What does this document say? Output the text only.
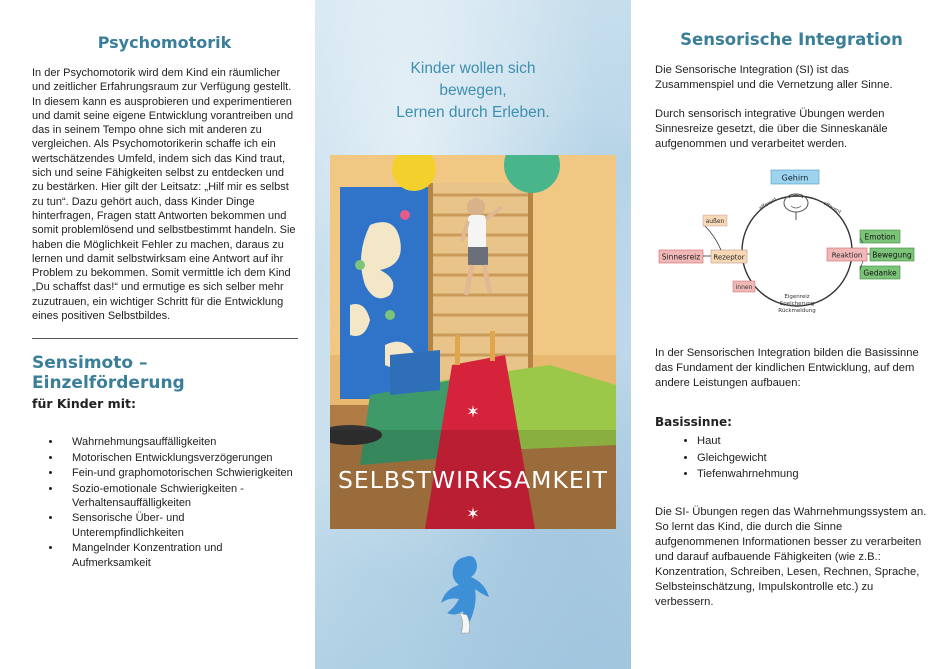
Psychomotorik

In der Psychomotorik wird dem Kind ein räumlicher und zeitlicher Erfahrungsraum zur Verfügung gestellt. In diesem kann es ausprobieren und experimentieren und damit seine eigene Entwicklung vorantreiben und das in seinem Tempo ohne sich mit anderen zu vergleichen. Als Psychomotorikerin schaffe ich ein wertschätzendes Umfeld, indem sich das Kind traut, sich und seine Fähigkeiten selbst zu entdecken und zu bestärken. Hier gilt der Leitsatz: „Hilf mir es selbst zu tun“. Dazu gehört auch, dass Kinder Dinge hinterfragen, Fragen statt Antworten bekommen und somit problemlösend und selbstbestimmt handeln. Sie haben die Möglichkeit Fehler zu machen, daraus zu lernen und damit selbstwirksam eine Antwort auf ihr Problem zu bekommen. Somit vermittle ich dem Kind „Du schaffst das!“ und ermutige es sich selber mehr zuzutrauen, ein wichtiger Schritt für die Entwicklung eines positiven Selbstbildes.

Sensimoto – Einzelförderung
für Kinder mit:
• Wahrnehmungsauffälligkeiten
• Motorischen Entwicklungsverzögerungen
• Fein-und graphomotorischen Schwierigkeiten
• Sozio-emotionale Schwierigkeiten - Verhaltensauffälligkeiten
• Sensorische Über- und Unterempfindlichkeiten
• Mangelnder Konzentration und Aufmerksamkeit
Kinder wollen sich
bewegen,
Lernen durch Erleben.
✶
SELBSTWIRKSAMKEIT
✶
Sensorische Integration

Die Sensorische Integration (SI) ist das Zusammenspiel und die Vernetzung aller Sinne.

Durch sensorisch integrative Übungen werden Sinnesreize gesetzt, die über die Sinneskanäle aufgenommen und verarbeitet werden.

Gehirn
afferent	efferent
außen
Sinnesreiz Rezeptor	Reaktion
Emotion
Bewegung
Gedanke
innen
Eigenreiz
Speicherung
Rückmeldung

In der Sensorischen Integration bilden die Basissinne das Fundament der kindlichen Entwicklung, auf dem andere Leistungen aufbauen:

Basissinne:
• Haut
• Gleichgewicht
• Tiefenwahrnehmung

Die SI- Übungen regen das Wahrnehmungssystem an. So lernt das Kind, die durch die Sinne aufgenommenen Informationen besser zu verarbeiten und darauf aufbauende Fähigkeiten (wie z.B.: Konzentration, Schreiben, Lesen, Rechnen, Sprache, Selbsteinschätzung, Impulskontrolle etc.) zu verbessern.
